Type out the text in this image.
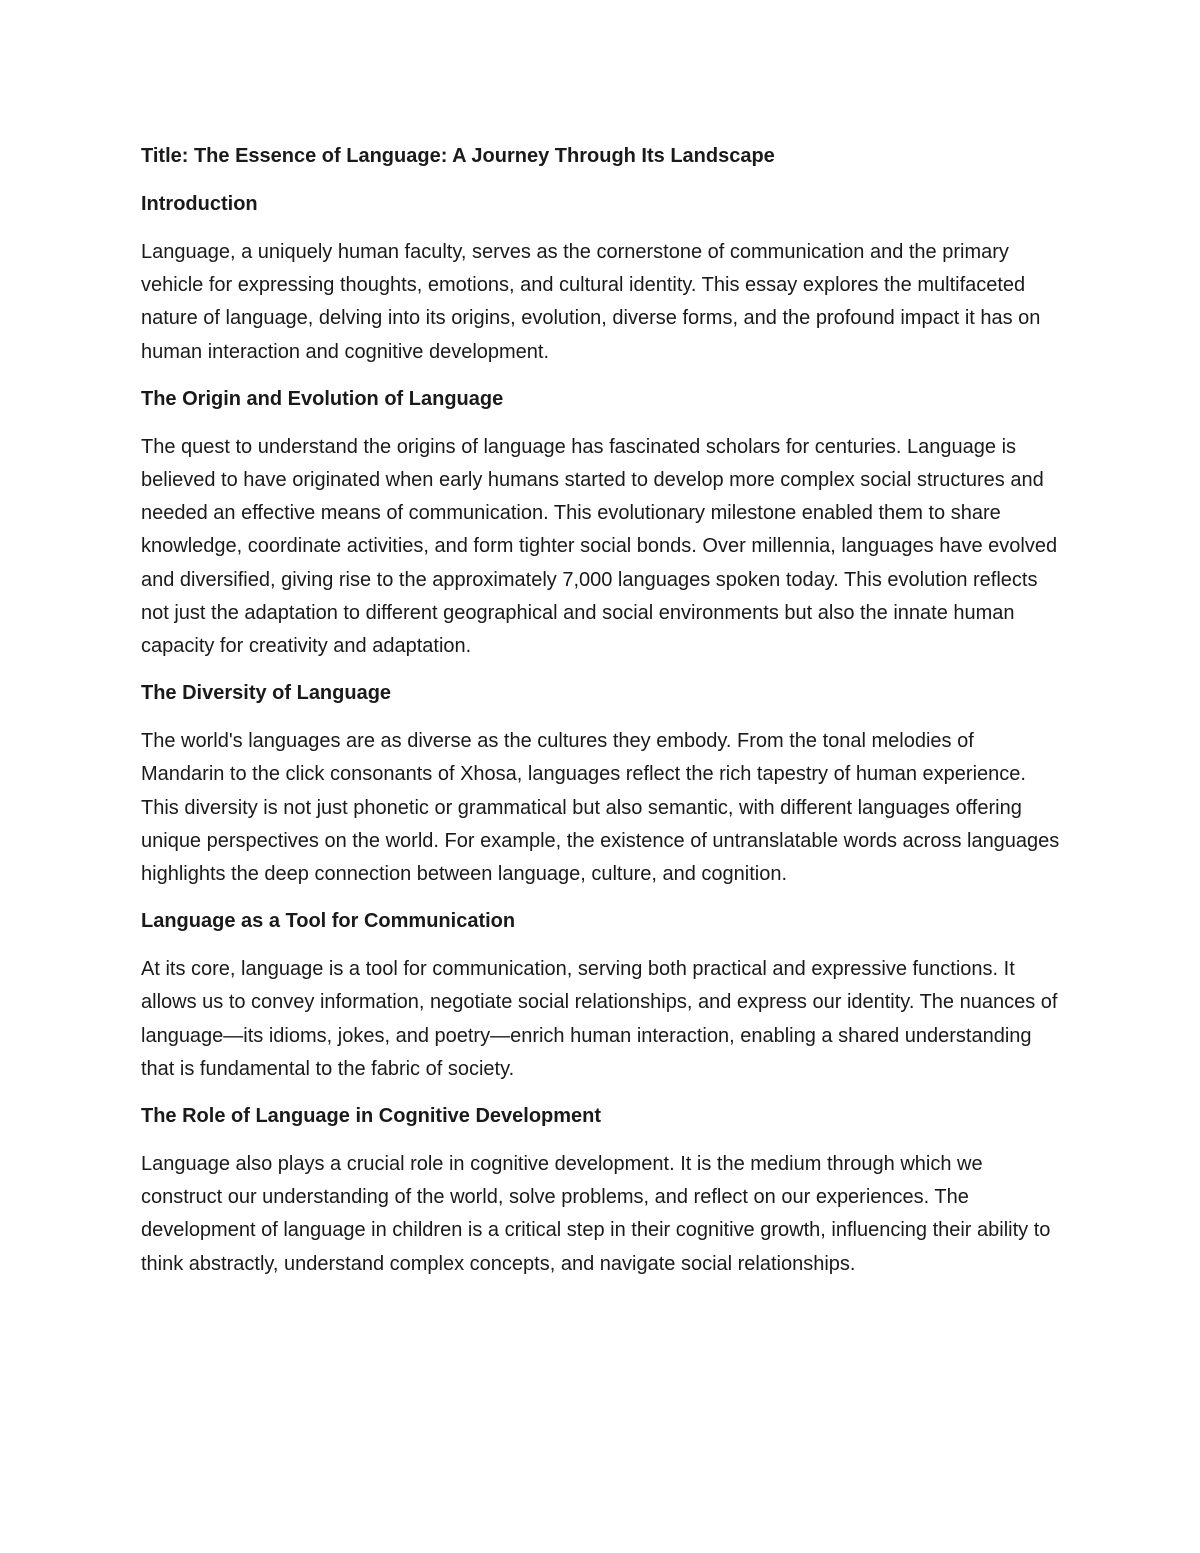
Title: The Essence of Language: A Journey Through Its Landscape
Introduction

Language, a uniquely human faculty, serves as the cornerstone of communication and the primary vehicle for expressing thoughts, emotions, and cultural identity. This essay explores the multifaceted nature of language, delving into its origins, evolution, diverse forms, and the profound impact it has on human interaction and cognitive development.

The Origin and Evolution of Language

The quest to understand the origins of language has fascinated scholars for centuries. Language is believed to have originated when early humans started to develop more complex social structures and needed an effective means of communication. This evolutionary milestone enabled them to share knowledge, coordinate activities, and form tighter social bonds. Over millennia, languages have evolved and diversified, giving rise to the approximately 7,000 languages spoken today. This evolution reflects not just the adaptation to different geographical and social environments but also the innate human capacity for creativity and adaptation.

The Diversity of Language

The world's languages are as diverse as the cultures they embody. From the tonal melodies of Mandarin to the click consonants of Xhosa, languages reflect the rich tapestry of human experience. This diversity is not just phonetic or grammatical but also semantic, with different languages offering unique perspectives on the world. For example, the existence of untranslatable words across languages highlights the deep connection between language, culture, and cognition.

Language as a Tool for Communication

At its core, language is a tool for communication, serving both practical and expressive functions. It allows us to convey information, negotiate social relationships, and express our identity. The nuances of language—its idioms, jokes, and poetry—enrich human interaction, enabling a shared understanding that is fundamental to the fabric of society.

The Role of Language in Cognitive Development

Language also plays a crucial role in cognitive development. It is the medium through which we construct our understanding of the world, solve problems, and reflect on our experiences. The development of language in children is a critical step in their cognitive growth, influencing their ability to think abstractly, understand complex concepts, and navigate social relationships.
